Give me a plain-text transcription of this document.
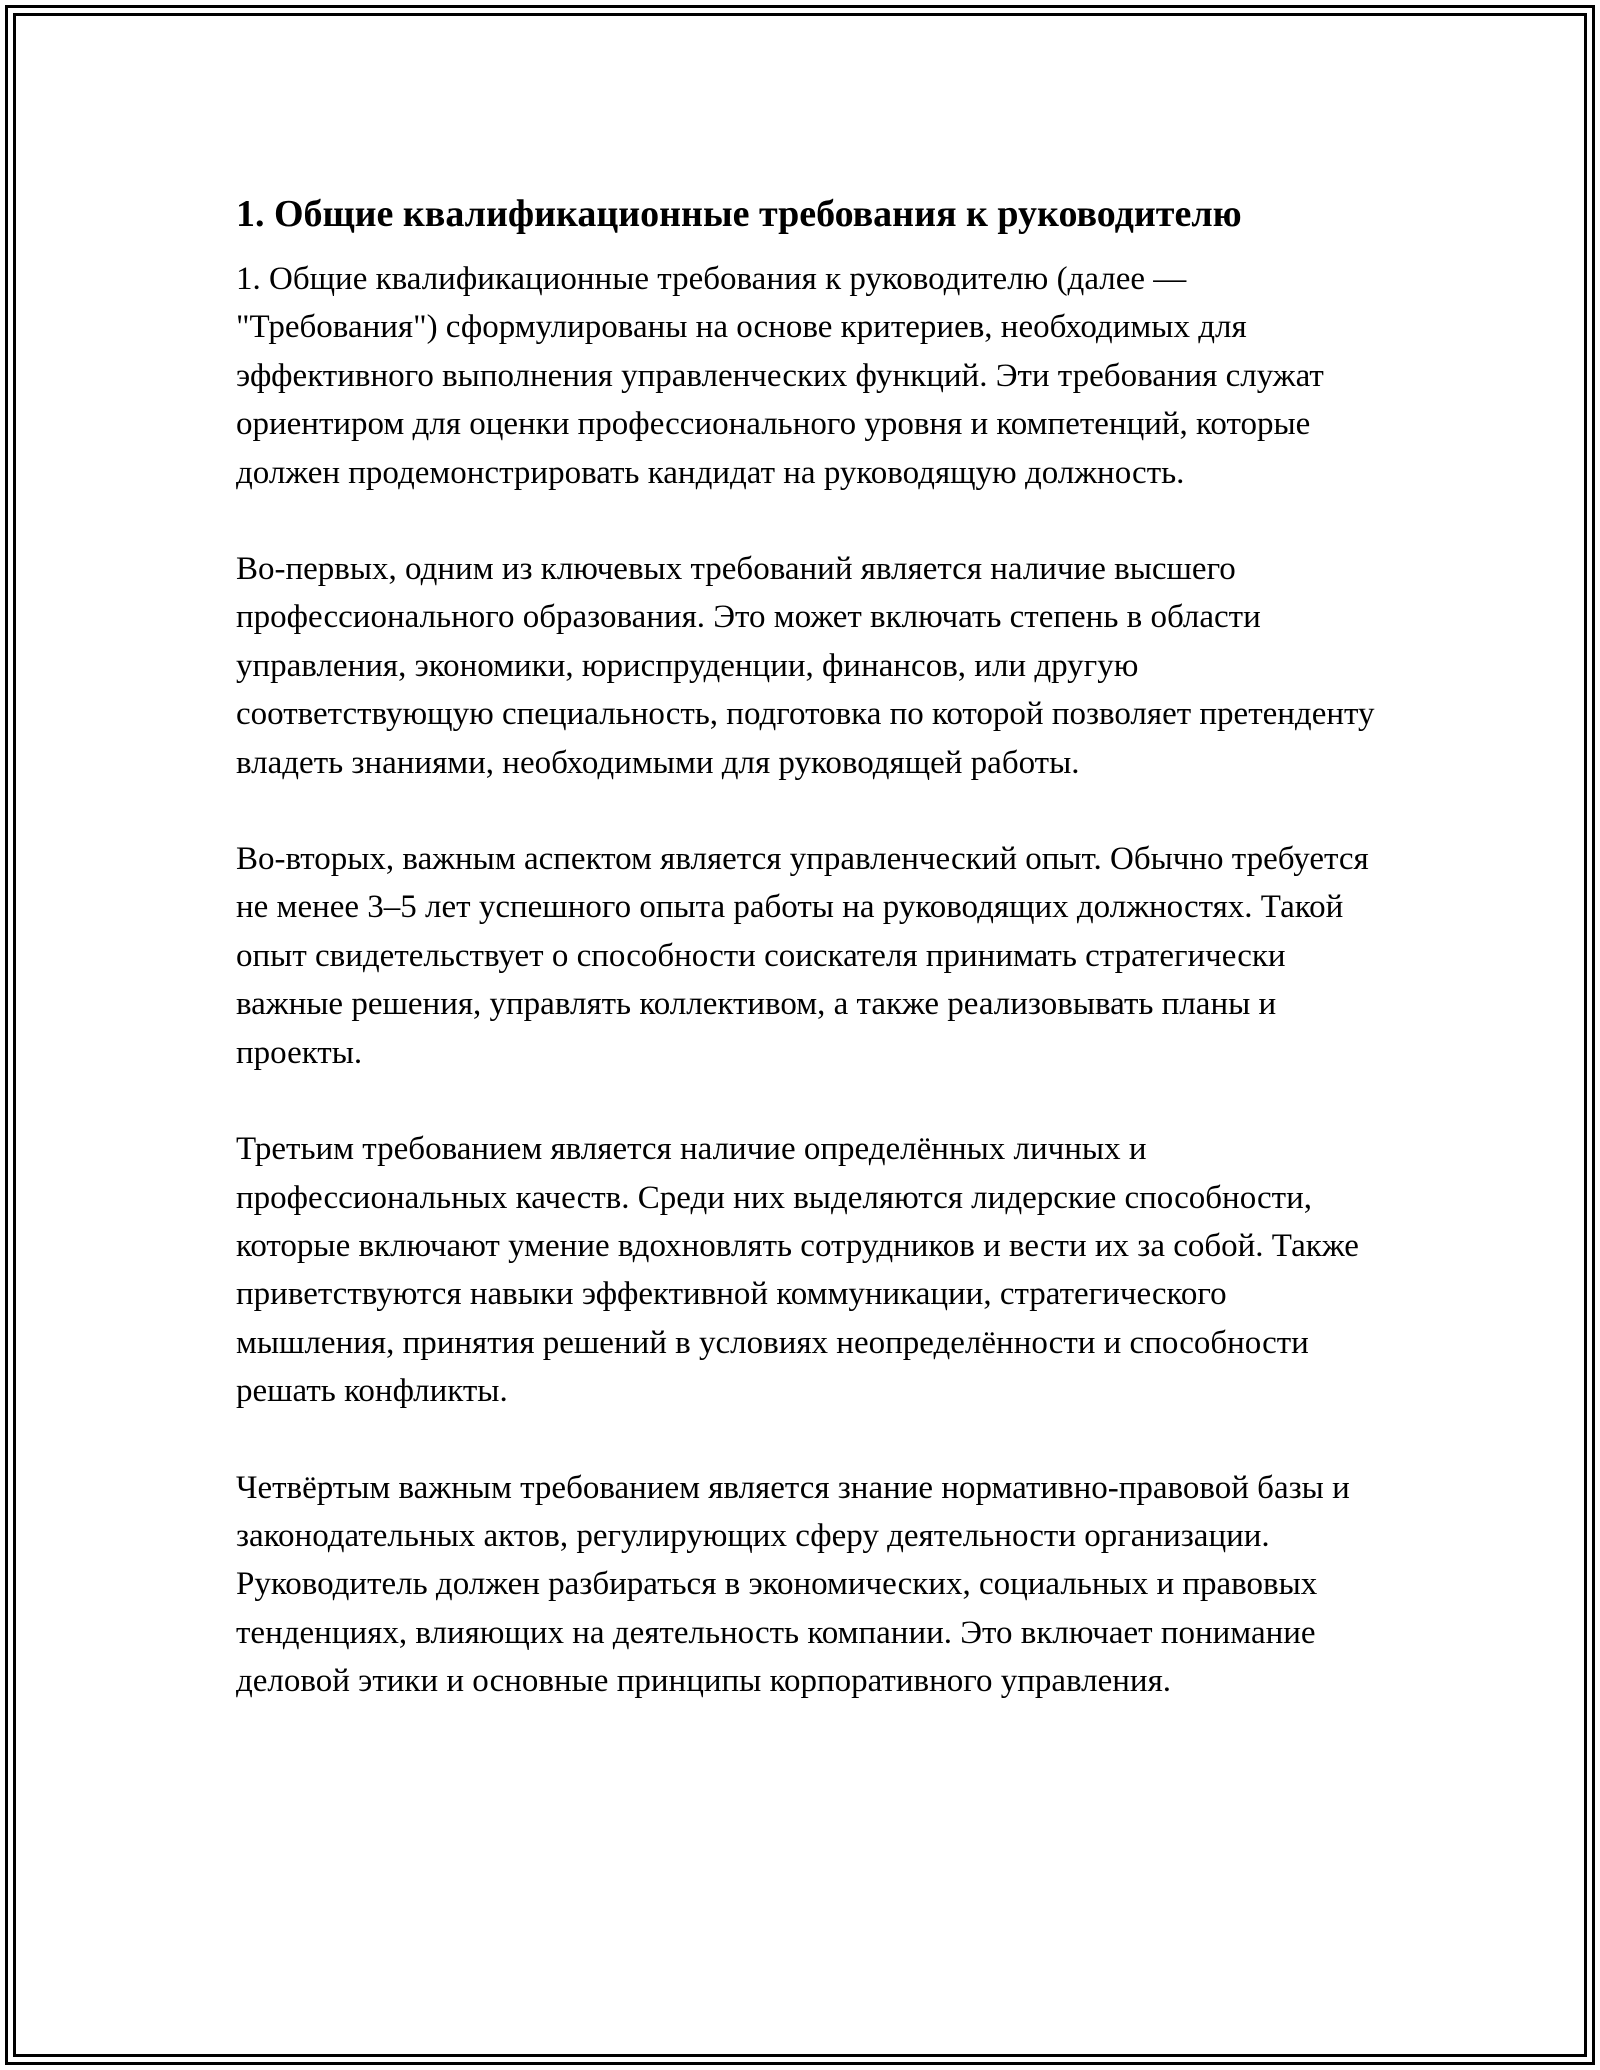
1. Общие квалификационные требования к руководителю

1. Общие квалификационные требования к руководителю (далее — "Требования") сформулированы на основе критериев, необходимых для эффективного выполнения управленческих функций. Эти требования служат ориентиром для оценки профессионального уровня и компетенций, которые должен продемонстрировать кандидат на руководящую должность.

Во-первых, одним из ключевых требований является наличие высшего профессионального образования. Это может включать степень в области управления, экономики, юриспруденции, финансов, или другую соответствующую специальность, подготовка по которой позволяет претенденту владеть знаниями, необходимыми для руководящей работы.

Во-вторых, важным аспектом является управленческий опыт. Обычно требуется не менее 3–5 лет успешного опыта работы на руководящих должностях. Такой опыт свидетельствует о способности соискателя принимать стратегически важные решения, управлять коллективом, а также реализовывать планы и проекты.

Третьим требованием является наличие определённых личных и профессиональных качеств. Среди них выделяются лидерские способности, которые включают умение вдохновлять сотрудников и вести их за собой. Также приветствуются навыки эффективной коммуникации, стратегического мышления, принятия решений в условиях неопределённости и способности решать конфликты.

Четвёртым важным требованием является знание нормативно-правовой базы и законодательных актов, регулирующих сферу деятельности организации. Руководитель должен разбираться в экономических, социальных и правовых тенденциях, влияющих на деятельность компании. Это включает понимание деловой этики и основные принципы корпоративного управления.
